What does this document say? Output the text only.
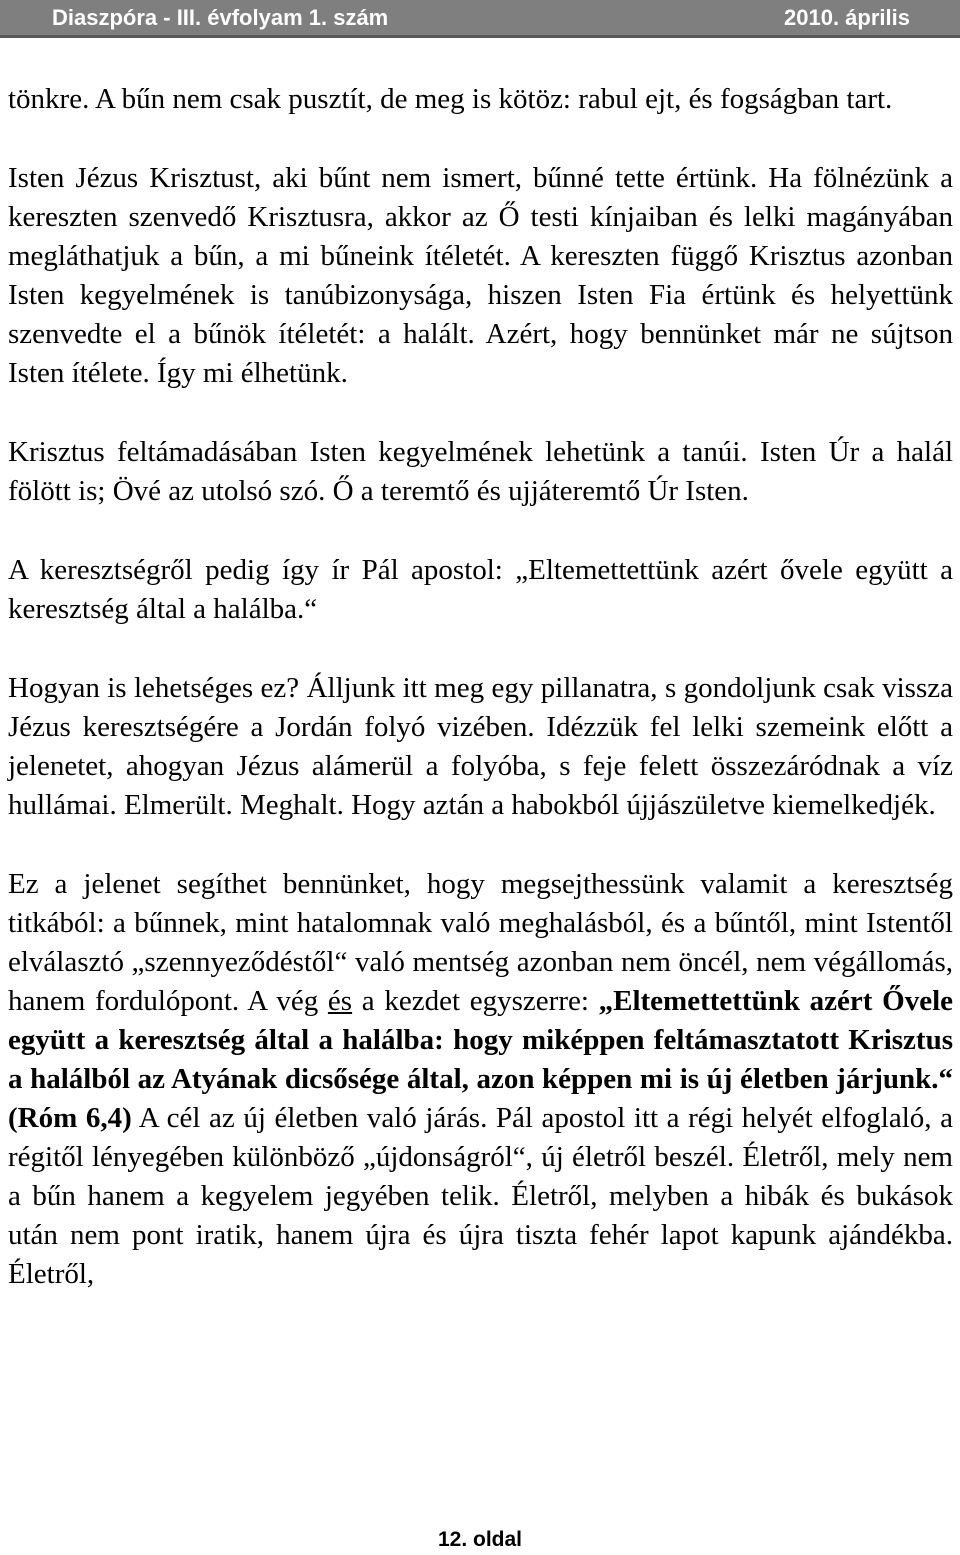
Diaszpóra - III. évfolyam 1. szám	2010. április

tönkre. A bűn nem csak pusztít, de meg is kötöz: rabul ejt, és fogságban tart.

Isten Jézus Krisztust, aki bűnt nem ismert, bűnné tette értünk. Ha fölnézünk a kereszten szenvedő Krisztusra, akkor az Ő testi kínjaiban és lelki magányában megláthatjuk a bűn, a mi bűneink ítéletét. A kereszten függő Krisztus azonban Isten kegyelmének is tanúbizonysága, hiszen Isten Fia értünk és helyettünk szenvedte el a bűnök ítéletét: a halált. Azért, hogy bennünket már ne sújtson Isten ítélete. Így mi élhetünk.

Krisztus feltámadásában Isten kegyelmének lehetünk a tanúi. Isten Úr a halál fölött is; Övé az utolsó szó. Ő a teremtő és ujjáteremtő Úr Isten.

A keresztségről pedig így ír Pál apostol: „Eltemettettünk azért ővele együtt a keresztség által a halálba.“

Hogyan is lehetséges ez? Álljunk itt meg egy pillanatra, s gondoljunk csak vissza Jézus keresztségére a Jordán folyó vizében. Idézzük fel lelki szemeink előtt a jelenetet, ahogyan Jézus alámerül a folyóba, s feje felett összezáródnak a víz hullámai. Elmerült. Meghalt. Hogy aztán a habokból újjászületve kiemelkedjék.

Ez a jelenet segíthet bennünket, hogy megsejthessünk valamit a keresztség titkából: a bűnnek, mint hatalomnak való meghalásból, és a bűntől, mint Istentől elválasztó „szennyeződéstől“ való mentség azonban nem öncél, nem végállomás, hanem fordulópont. A vég és a kezdet egyszerre: „Eltemettettünk azért Ővele együtt a keresztség által a halálba: hogy miképpen feltámasztatott Krisztus a halálból az Atyának dicsősége által, azon képpen mi is új életben járjunk.“ (Róm 6,4) A cél az új életben való járás. Pál apostol itt a régi helyét elfoglaló, a régitől lényegében különböző „újdonságról“, új életről beszél. Életről, mely nem a bűn hanem a kegyelem jegyében telik. Életről, melyben a hibák és bukások után nem pont iratik, hanem újra és újra tiszta fehér lapot kapunk ajándékba. Életről,

12. oldal
